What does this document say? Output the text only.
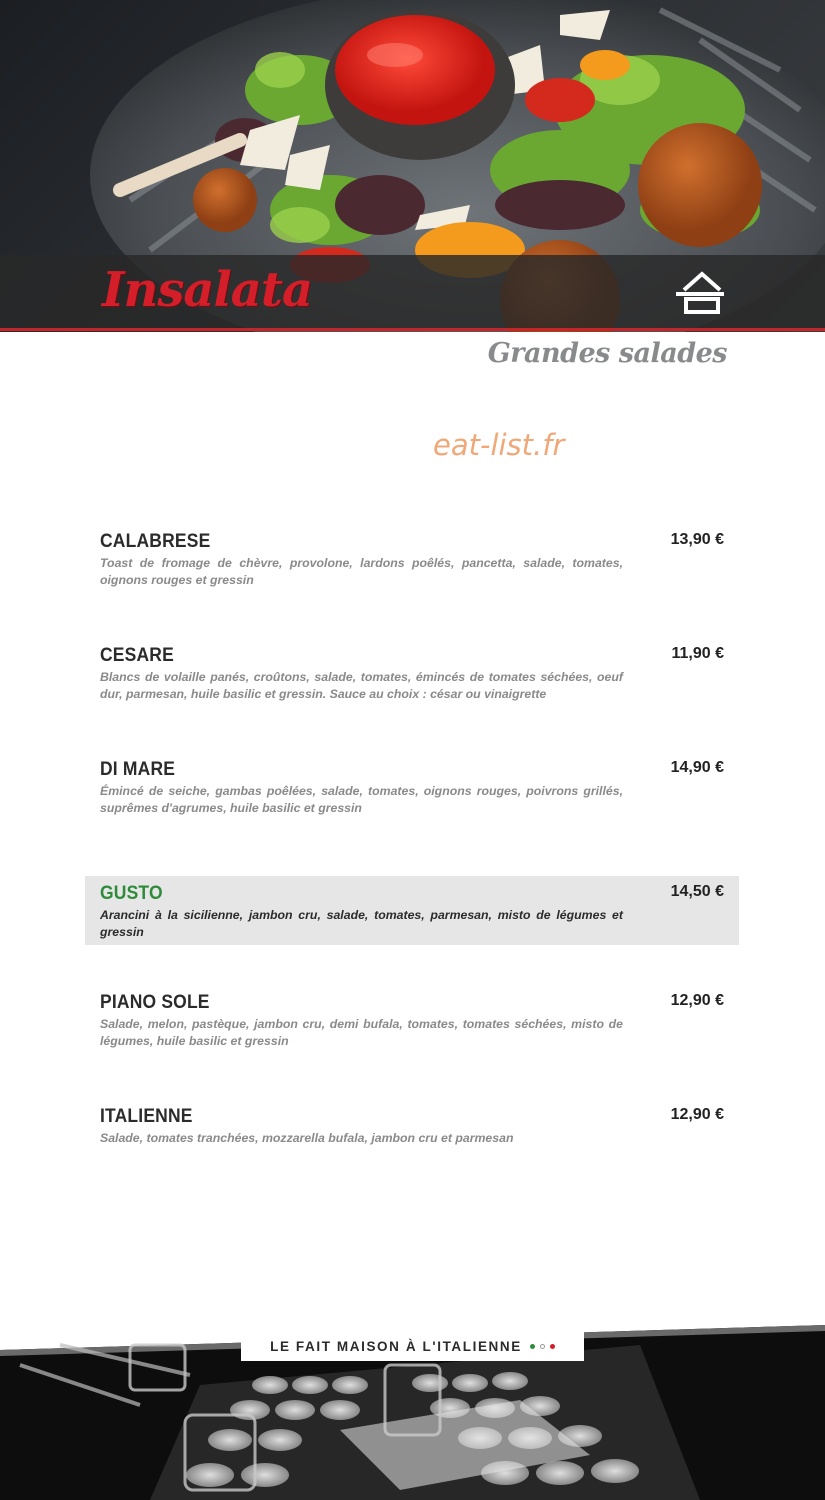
Insalata
Grandes salades
eat-list.fr
CALABRESE	13,90 €
Toast de fromage de chèvre, provolone, lardons poêlés, pancetta, salade, tomates, oignons rouges et gressin
CESARE	11,90 €
Blancs de volaille panés, croûtons, salade, tomates, émincés de tomates séchées, oeuf dur, parmesan, huile basilic et gressin. Sauce au choix : césar ou vinaigrette
DI MARE	14,90 €
Émincé de seiche, gambas poêlées, salade, tomates, oignons rouges, poivrons grillés, suprêmes d'agrumes, huile basilic et gressin
GUSTO	14,50 €
Arancini à la sicilienne, jambon cru, salade, tomates, parmesan, misto de légumes et gressin
PIANO SOLE	12,90 €
Salade, melon, pastèque, jambon cru, demi bufala, tomates, tomates séchées, misto de légumes, huile basilic et gressin
ITALIENNE	12,90 €
Salade, tomates tranchées, mozzarella bufala, jambon cru et parmesan
LE FAIT MAISON À L'ITALIENNE
